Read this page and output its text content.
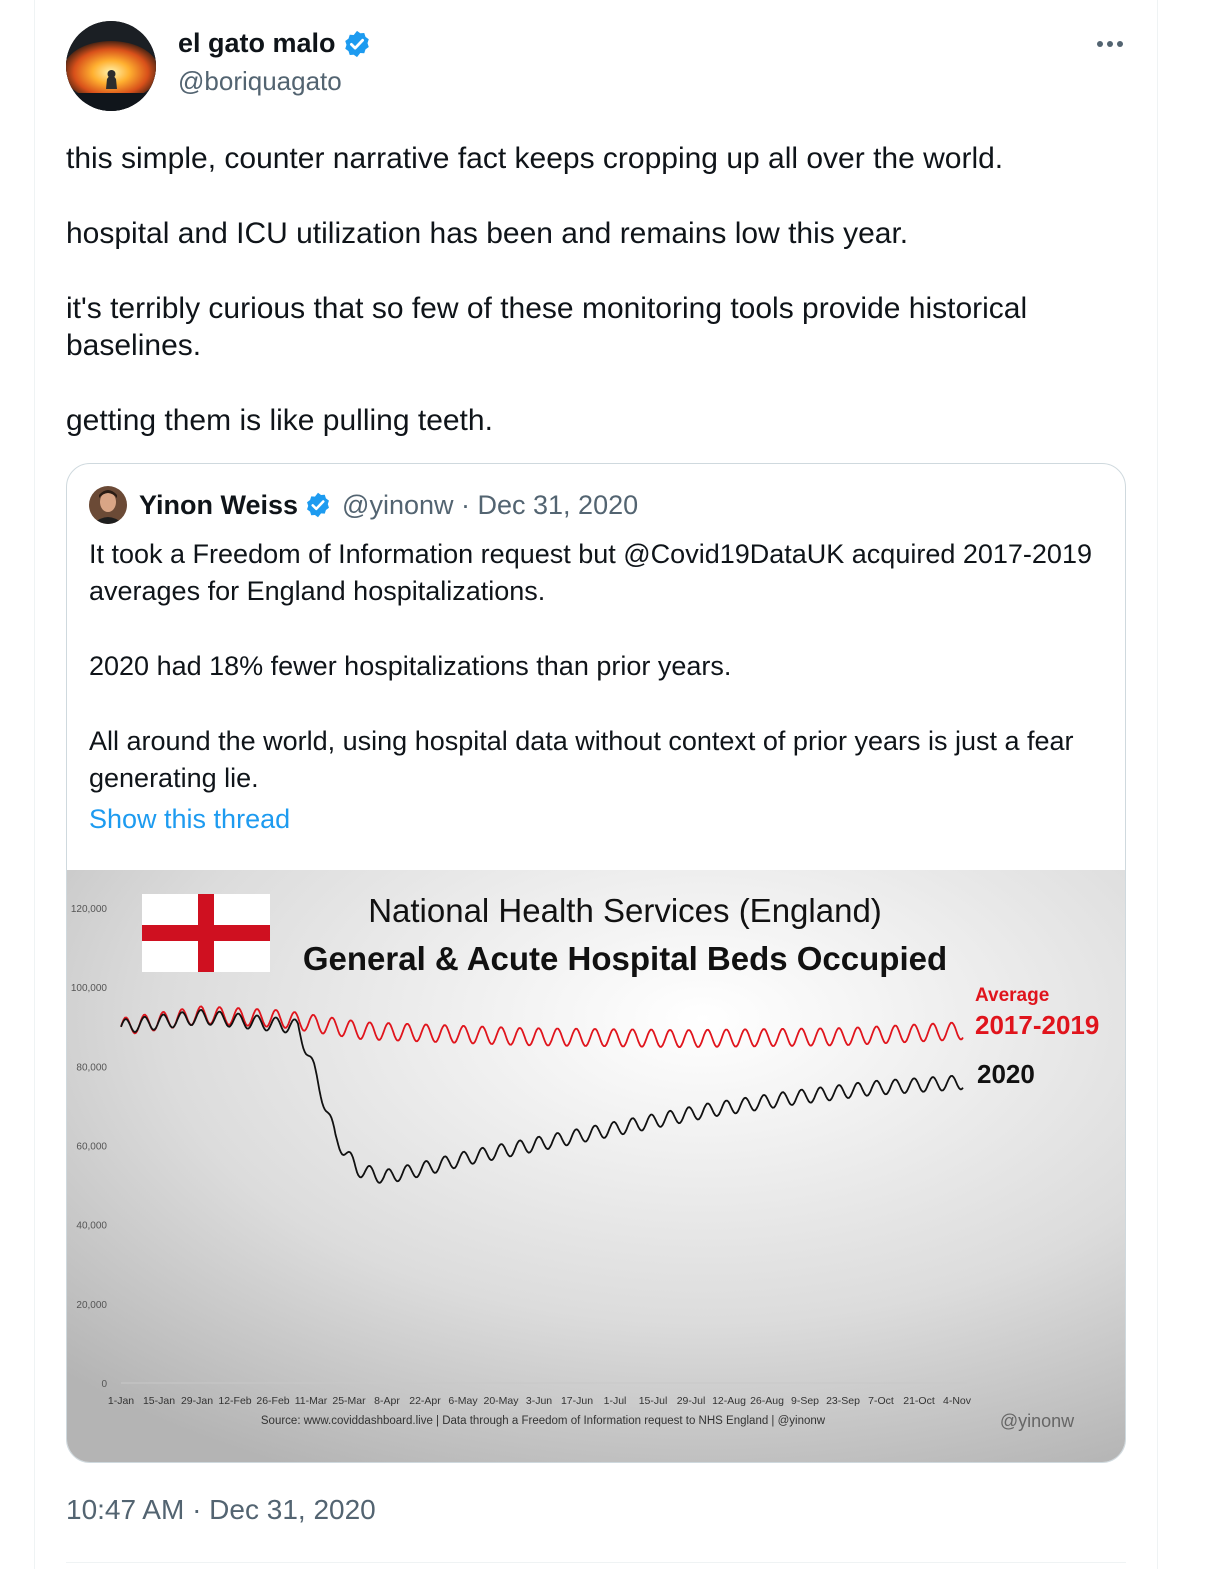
el gato malo
@boriquagato

this simple, counter narrative fact keeps cropping up all over the world.

hospital and ICU utilization has been and remains low this year.

it's terribly curious that so few of these monitoring tools provide historical baselines.

getting them is like pulling teeth.

Yinon Weiss @yinonw · Dec 31, 2020

It took a Freedom of Information request but @Covid19DataUK acquired 2017-2019 averages for England hospitalizations.

2020 had 18% fewer hospitalizations than prior years.

All around the world, using hospital data without context of prior years is just a fear generating lie.

Show this thread
National Health Services (England)
General & Acute Hospital Beds Occupied
120,000
100,000
80,000
60,000
40,000
20,000
0
1-Jan 15-Jan 29-Jan 12-Feb 26-Feb 11-Mar 25-Mar 8-Apr 22-Apr 6-May 20-May 3-Jun 17-Jun 1-Jul 15-Jul 29-Jul 12-Aug 26-Aug 9-Sep 23-Sep 7-Oct 21-Oct 4-Nov
Average
2017-2019
2020
Source: www.coviddashboard.live | Data through a Freedom of Information request to NHS England | @yinonw	@yinonw
10:47 AM · Dec 31, 2020
